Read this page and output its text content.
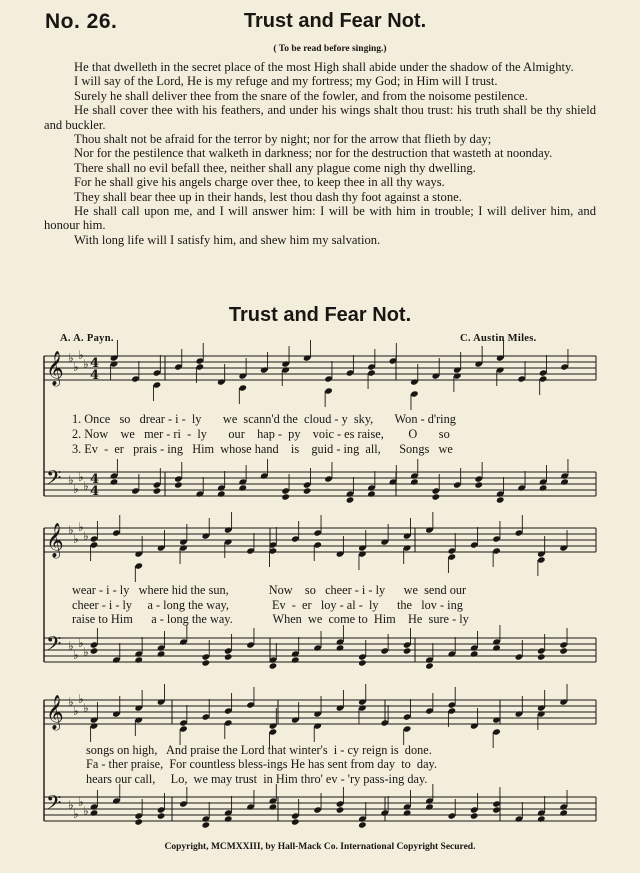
No. 26.	Trust and Fear Not.
( To be read before singing.)

He that dwelleth in the secret place of the most High shall abide under the shadow of the Almighty.

I will say of the Lord, He is my refuge and my fortress; my God; in Him will I trust.

Surely he shall deliver thee from the snare of the fowler, and from the noisome pestilence.

He shall cover thee with his feathers, and under his wings shalt thou trust: his truth shall be thy shield and buckler.

Thou shalt not be afraid for the terror by night; nor for the arrow that flieth by day;

Nor for the pestilence that walketh in darkness; nor for the destruction that wasteth at noonday.

There shall no evil befall thee, neither shall any plague come nigh thy dwelling.

For he shall give his angels charge over thee, to keep thee in all thy ways.

They shall bear thee up in their hands, lest thou dash thy foot against a stone.

He shall call upon me, and I will answer him: I will be with him in trouble; I will deliver him, and honour him.

With long life will I satisfy him, and shew him my salvation.

Trust and Fear Not.
A. A. Payn.	C. Austin Miles.
𝄞
𝄢
♭
♭
♭
♭
♭
♭
♭
♭
4
4
4
4
𝄞
𝄢
♭
♭
♭
♭
♭
♭
♭
♭
𝄞
𝄢
♭
♭
♭
♭
♭
♭
♭
♭
1. Once   so   drear - i -  ly       we  scann'd the  cloud - y  sky,       Won - d'ring
2. Now    we   mer - ri  -  ly       our    hap -  py    voic - es raise,        O       so
3. Ev  -  er   prais - ing   Him  whose hand    is    guid - ing  all,      Songs   we
wear - i - ly   where hid the sun,             Now    so   cheer - i - ly      we  send our
cheer - i - ly     a - long the way,              Ev  -  er   loy - al -  ly      the   lov - ing
raise to Him      a - long the way.             When  we  come to  Him    He  sure - ly
songs on high,   And praise the Lord that winter's  i - cy reign is  done.
Fa - ther praise,  For countless bless-ings He has sent from day  to  day.
hears our call,     Lo,  we may trust  in Him thro' ev - 'ry pass-ing day.
Copyright, MCMXXIII, by Hall-Mack Co. International Copyright Secured.
